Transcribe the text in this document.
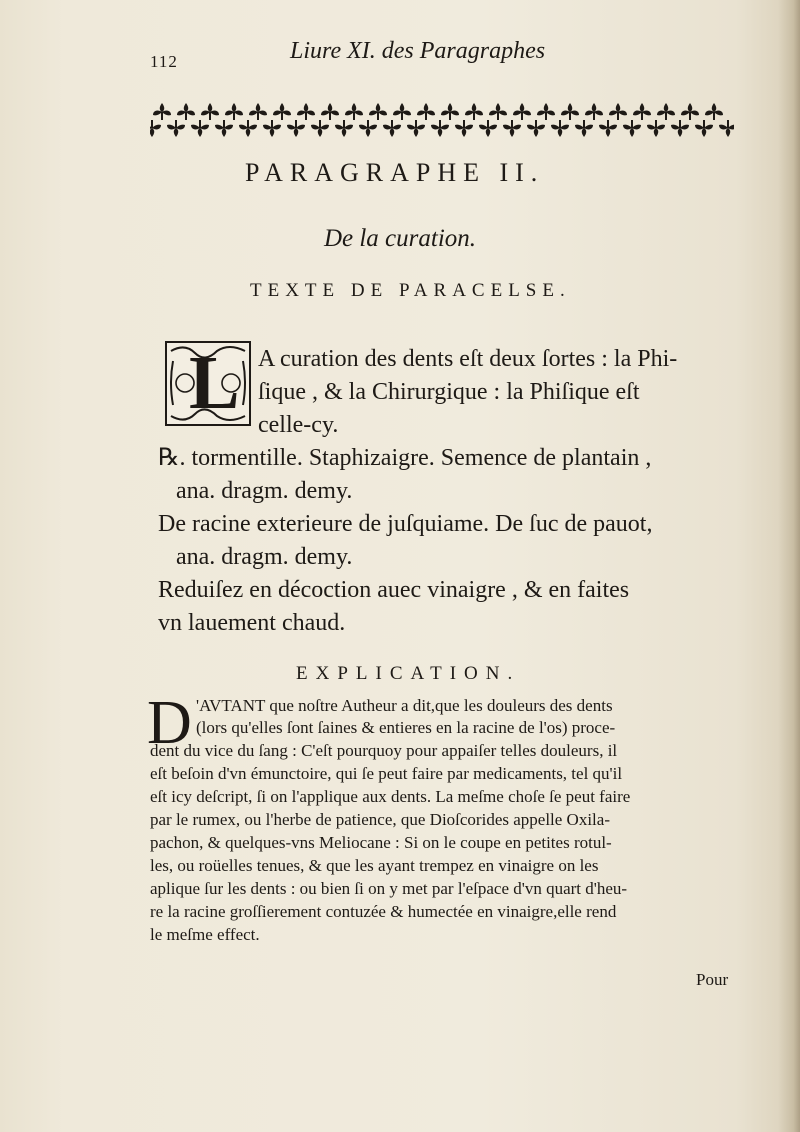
112	Liure XI. des Paragraphes
PARAGRAPHE II.
De la curation.
TEXTE DE PARACELSE.
L A curation des dents eſt deux ſortes : la Phi-
ſique , & la Chirurgique : la Phiſique eſt
celle-cy.
℞. tormentille. Staphizaigre. Semence de plantain ,
ana. dragm. demy.
De racine exterieure de juſquiame. De ſuc de pauot,
ana. dragm. demy.
Reduiſez en décoction auec vinaigre , & en faites
vn lauement chaud.
EXPLICATION.
D 'AVTANT que noſtre Autheur a dit,que les douleurs des dents
(lors qu'elles ſont ſaines & entieres en la racine de l'os) proce-
dent du vice du ſang : C'eſt pourquoy pour appaiſer telles douleurs, il
eſt beſoin d'vn émunctoire, qui ſe peut faire par medicaments, tel qu'il
eſt icy deſcript, ſi on l'applique aux dents. La meſme choſe ſe peut faire
par le rumex, ou l'herbe de patience, que Dioſcorides appelle Oxila-
pachon, & quelques-vns Meliocane : Si on le coupe en petites rotul-
les, ou roüelles tenues, & que les ayant trempez en vinaigre on les
aplique ſur les dents : ou bien ſi on y met par l'eſpace d'vn quart d'heu-
re la racine groſſierement contuzée & humectée en vinaigre,elle rend
le meſme effect.
Pour
